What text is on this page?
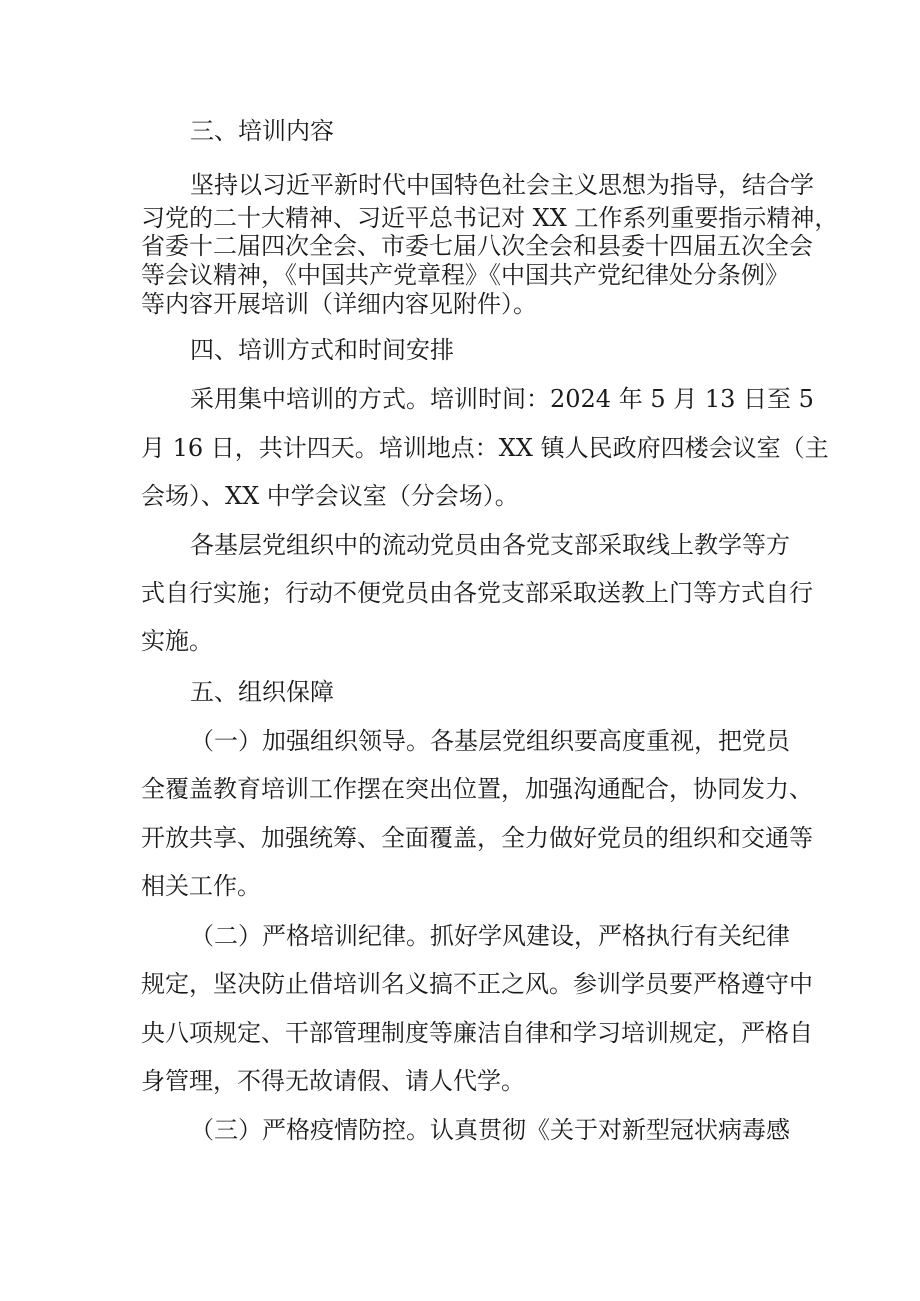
三、培训内容
坚持以习近平新时代中国特色社会主义思想为指导，结合学
习党的二十大精神、习近平总书记对 XX 工作系列重要指示精神，
省委十二届四次全会、市委七届八次全会和县委十四届五次全会
等会议精神，《中国共产党章程》《中国共产党纪律处分条例》
等内容开展培训（详细内容见附件）。
四、培训方式和时间安排
采用集中培训的方式。培训时间：2024 年 5 月 13 日至 5
月 16 日，共计四天。培训地点：XX 镇人民政府四楼会议室（主
会场）、XX 中学会议室（分会场）。
各基层党组织中的流动党员由各党支部采取线上教学等方
式自行实施；行动不便党员由各党支部采取送教上门等方式自行
实施。
五、组织保障
（一）加强组织领导。各基层党组织要高度重视，把党员
全覆盖教育培训工作摆在突出位置，加强沟通配合，协同发力、
开放共享、加强统筹、全面覆盖，全力做好党员的组织和交通等
相关工作。
（二）严格培训纪律。抓好学风建设，严格执行有关纪律
规定，坚决防止借培训名义搞不正之风。参训学员要严格遵守中
央八项规定、干部管理制度等廉洁自律和学习培训规定，严格自
身管理，不得无故请假、请人代学。
（三）严格疫情防控。认真贯彻《关于对新型冠状病毒感
